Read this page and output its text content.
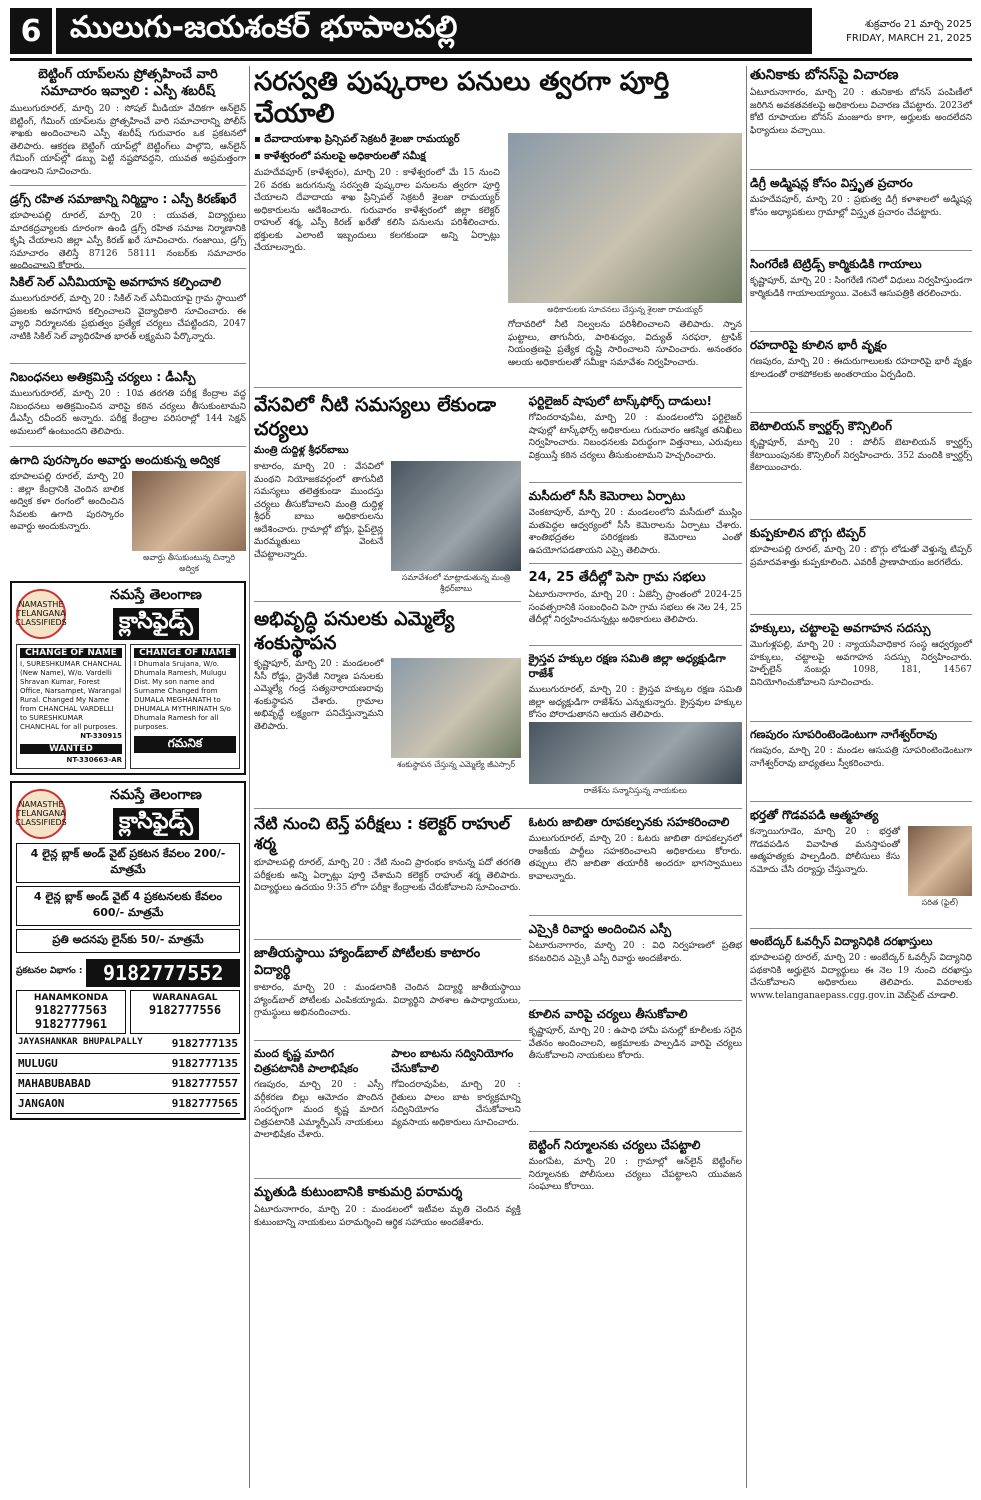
6 ములుగు-జయశంకర్ భూపాలపల్లి	శుక్రవారం 21 మార్చి 2025
FRIDAY, MARCH 21, 2025
బెట్టింగ్ యాప్‌లను ప్రోత్సహించే వారి సమాచారం ఇవ్వాలి : ఎస్పీ శబరీష్
ములుగురూరల్, మార్చి 20 : సోషల్ మీడియా వేదికగా ఆన్‌లైన్ బెట్టింగ్, గేమింగ్ యాప్‌లను ప్రోత్సహించే వారి సమాచారాన్ని పోలీస్ శాఖకు అందించాలని ఎస్పీ శబరీష్ గురువారం ఒక ప్రకటనలో తెలిపారు. ఆకర్షణ బెట్టింగ్ యాప్‌ల్లో బెట్టింగ్‌లు పాల్గొని, ఆన్‌లైన్ గేమింగ్ యాప్‌ల్లో డబ్బు పెట్టి నష్టపోవద్దని, యువత అప్రమత్తంగా ఉండాలని సూచించారు.
డ్రగ్స్ రహిత సమాజాన్ని నిర్మిద్దాం : ఎస్పీ కిరణ్‌ఖరే
భూపాలపల్లి రూరల్, మార్చి 20 : యువత, విద్యార్థులు మాదకద్రవ్యాలకు దూరంగా ఉండి డ్రగ్స్ రహిత సమాజ నిర్మాణానికి కృషి చేయాలని జిల్లా ఎస్పీ కిరణ్ ఖరే సూచించారు. గంజాయి, డ్రగ్స్ సమాచారం తెలిస్తే 87126 58111 నంబర్‌కు సమాచారం అందించాలని కోరారు.
సికిల్ సెల్ ఎనీమియాపై అవగాహన కల్పించాలి
ములుగురూరల్, మార్చి 20 : సికిల్ సెల్ ఎనీమియాపై గ్రామ స్థాయిలో ప్రజలకు అవగాహన కల్పించాలని వైద్యాధికారి సూచించారు. ఈ వ్యాధి నిర్మూలనకు ప్రభుత్వం ప్రత్యేక చర్యలు చేపట్టిందని, 2047 నాటికి సికిల్ సెల్ వ్యాధిరహిత భారత్ లక్ష్యమని పేర్కొన్నారు.
నిబంధనలు అతిక్రమిస్తే చర్యలు : డీఎస్పీ
ములుగురూరల్, మార్చి 20 : 10వ తరగతి పరీక్ష కేంద్రాల వద్ద నిబంధనలు అతిక్రమించిన వారిపై కఠిన చర్యలు తీసుకుంటామని డీఎస్పీ రవీందర్ అన్నారు. పరీక్ష కేంద్రాల పరిసరాల్లో 144 సెక్షన్ అమలులో ఉంటుందని తెలిపారు.
ఉగాది పురస్కారం అవార్డు అందుకున్న అద్విక
భూపాలపల్లి రూరల్, మార్చి 20 : జిల్లా కేంద్రానికి చెందిన బాలిక అద్విక కళా రంగంలో అందించిన సేవలకు ఉగాది పురస్కారం అవార్డు అందుకున్నారు.
అవార్డు తీసుకుంటున్న చిన్నారి అద్విక
NAMASTHE TELANGANA CLASSIFIEDS
నమస్తే తెలంగాణ
క్లాసిఫైడ్స్
CHANGE OF NAME
I, SURESHKUMAR CHANCHAL (New Name), W/o. Vardelli Shravan Kumar, Forest Office, Narsampet, Warangal Rural. Changed My Name from CHANCHAL VARDELLI to SURESHKUMAR CHANCHAL for all purposes.
NT-330915
WANTED
NT-330663-AR
CHANGE OF NAME
I Dhumala Srujana, W/o. Dhumala Ramesh, Mulugu Dist. My son name and Surname Changed from DUMALA MEGHANATH to DHUMALA MYTHRINATH S/o Dhumala Ramesh for all purposes.
గమనిక
NAMASTHE TELANGANA CLASSIFIEDS
నమస్తే తెలంగాణ
క్లాసిఫైడ్స్
4 లైన్ల బ్లాక్ అండ్ వైట్ ప్రకటన కేవలం 200/- మాత్రమే
4 లైన్ల బ్లాక్ అండ్ వైట్ 4 ప్రకటనలకు కేవలం 600/- మాత్రమే
ప్రతి అదనపు లైన్‌కు 50/- మాత్రమే
ప్రకటనల విభాగం :	9182777552
HANAMKONDA
9182777563
9182777961
WARANAGAL
9182777556
JAYASHANKAR BHUPALPALLY	9182777135
MULUGU	9182777135
MAHABUBABAD	9182777557
JANGAON	9182777565
సరస్వతి పుష్కరాల పనులు త్వరగా పూర్తి చేయాలి
▪ దేవాదాయశాఖ ప్రిన్సిపల్ సెక్రటరీ శైలజా రామయ్యర్
▪ కాళేశ్వరంలో పనులపై అధికారులతో సమీక్ష
మహదేవపూర్ (కాళేశ్వరం), మార్చి 20 : కాళేశ్వరంలో మే 15 నుంచి 26 వరకు జరుగనున్న సరస్వతి పుష్కరాల పనులను త్వరగా పూర్తి చేయాలని దేవాదాయ శాఖ ప్రిన్సిపల్ సెక్రటరీ శైలజా రామయ్యర్ అధికారులను ఆదేశించారు. గురువారం కాళేశ్వరంలో జిల్లా కలెక్టర్ రాహుల్ శర్మ, ఎస్పీ కిరణ్ ఖరేతో కలిసి పనులను పరిశీలించారు. భక్తులకు ఎలాంటి ఇబ్బందులు కలగకుండా అన్ని ఏర్పాట్లు చేయాలన్నారు.
అధికారులకు సూచనలు చేస్తున్న శైలజా రామయ్యర్
గోదావరిలో నీటి నిల్వలను పరిశీలించాలని తెలిపారు. స్నాన ఘట్టాలు, తాగునీరు, పారిశుధ్యం, విద్యుత్ సరఫరా, ట్రాఫిక్ నియంత్రణపై ప్రత్యేక దృష్టి సారించాలని సూచించారు. అనంతరం ఆలయ అధికారులతో సమీక్షా సమావేశం నిర్వహించారు.
వేసవిలో నీటి సమస్యలు లేకుండా చర్యలు
మంత్రి దుద్దిళ్ల శ్రీధర్‌బాబు
కాటారం, మార్చి 20 : వేసవిలో మంథని నియోజకవర్గంలో తాగునీటి సమస్యలు తలెత్తకుండా ముందస్తు చర్యలు తీసుకోవాలని మంత్రి దుద్దిళ్ల శ్రీధర్ బాబు అధికారులను ఆదేశించారు. గ్రామాల్లో బోర్లు, పైప్‌లైన్ల మరమ్మతులు వెంటనే చేపట్టాలన్నారు.
సమావేశంలో మాట్లాడుతున్న మంత్రి శ్రీధర్‌బాబు
అభివృద్ధి పనులకు ఎమ్మెల్యే శంకుస్థాపన
కృష్ణాపూర్, మార్చి 20 : మండలంలో సీసీ రోడ్లు, డ్రైనేజీ నిర్మాణ పనులకు ఎమ్మెల్యే గండ్ర సత్యనారాయణరావు శంకుస్థాపన చేశారు. గ్రామాల అభివృద్ధే లక్ష్యంగా పనిచేస్తున్నామని తెలిపారు.
శంకుస్థాపన చేస్తున్న ఎమ్మెల్యే జీఎస్సార్
ఫర్టిలైజర్ షాపులో టాస్క్‌ఫోర్స్ దాడులు!
గోవిందరావుపేట, మార్చి 20 : మండలంలోని ఫర్టిలైజర్ షాపుల్లో టాస్క్‌ఫోర్స్ అధికారులు గురువారం ఆకస్మిక తనిఖీలు నిర్వహించారు. నిబంధనలకు విరుద్ధంగా విత్తనాలు, ఎరువులు విక్రయిస్తే కఠిన చర్యలు తీసుకుంటామని హెచ్చరించారు.
మసీదులో సీసీ కెమెరాలు ఏర్పాటు
వెంకటాపూర్, మార్చి 20 : మండలంలోని మసీదులో ముస్లిం మతపెద్దల ఆధ్వర్యంలో సీసీ కెమెరాలను ఏర్పాటు చేశారు. శాంతిభద్రతల పరిరక్షణకు కెమెరాలు ఎంతో ఉపయోగపడతాయని ఎస్సై తెలిపారు.
24, 25 తేదీల్లో పెసా గ్రామ సభలు
ఏటూరునాగారం, మార్చి 20 : ఏజెన్సీ ప్రాంతంలో 2024-25 సంవత్సరానికి సంబంధించి పెసా గ్రామ సభలు ఈ నెల 24, 25 తేదీల్లో నిర్వహించనున్నట్లు అధికారులు తెలిపారు.
క్రైస్తవ హక్కుల రక్షణ సమితి జిల్లా అధ్యక్షుడిగా రాజేశ్
ములుగురూరల్, మార్చి 20 : క్రైస్తవ హక్కుల రక్షణ సమితి జిల్లా అధ్యక్షుడిగా రాజేశ్‌ను ఎన్నుకున్నారు. క్రైస్తవుల హక్కుల కోసం పోరాడుతానని ఆయన తెలిపారు.
రాజేశ్‌ను సన్మానిస్తున్న నాయకులు
నేటి నుంచి టెన్త్ పరీక్షలు : కలెక్టర్ రాహుల్ శర్మ
భూపాలపల్లి రూరల్, మార్చి 20 : నేటి నుంచి ప్రారంభం కానున్న పదో తరగతి పరీక్షలకు అన్ని ఏర్పాట్లు పూర్తి చేశామని కలెక్టర్ రాహుల్ శర్మ తెలిపారు. విద్యార్థులు ఉదయం 9:35 లోగా పరీక్షా కేంద్రాలకు చేరుకోవాలని సూచించారు.
జాతీయస్థాయి హ్యాండ్‌బాల్ పోటీలకు కాటారం విద్యార్థి
కాటారం, మార్చి 20 : మండలానికి చెందిన విద్యార్థి జాతీయస్థాయి హ్యాండ్‌బాల్ పోటీలకు ఎంపికయ్యాడు. విద్యార్థిని పాఠశాల ఉపాధ్యాయులు, గ్రామస్థులు అభినందించారు.
మంద కృష్ణ మాదిగ చిత్రపటానికి పాలాభిషేకం
గణపురం, మార్చి 20 : ఎస్సీ వర్గీకరణ బిల్లు ఆమోదం పొందిన సందర్భంగా మంద కృష్ణ మాదిగ చిత్రపటానికి ఎమ్మార్పీఎస్ నాయకులు పాలాభిషేకం చేశారు.
పాలం బాటను సద్వినియోగం చేసుకోవాలి
గోవిందరావుపేట, మార్చి 20 : రైతులు పాలం బాట కార్యక్రమాన్ని సద్వినియోగం చేసుకోవాలని వ్యవసాయ అధికారులు సూచించారు.
మృతుడి కుటుంబానికి కాకుమర్రి పరామర్శ
ఏటూరునాగారం, మార్చి 20 : మండలంలో ఇటీవల మృతి చెందిన వ్యక్తి కుటుంబాన్ని నాయకులు పరామర్శించి ఆర్థిక సహాయం అందజేశారు.
ఓటరు జాబితా రూపకల్పనకు సహకరించాలి
ములుగురూరల్, మార్చి 20 : ఓటరు జాబితా రూపకల్పనలో రాజకీయ పార్టీలు సహకరించాలని అధికారులు కోరారు. తప్పులు లేని జాబితా తయారీకి అందరూ భాగస్వాములు కావాలన్నారు.
ఎస్సైకి రివార్డు అందించిన ఎస్పీ
ఏటూరునాగారం, మార్చి 20 : విధి నిర్వహణలో ప్రతిభ కనబరిచిన ఎస్సైకి ఎస్పీ రివార్డు అందజేశారు.
కూలిన వారిపై చర్యలు తీసుకోవాలి
కృష్ణాపూర్, మార్చి 20 : ఉపాధి హామీ పనుల్లో కూలీలకు సరైన వేతనం అందించాలని, అక్రమాలకు పాల్పడిన వారిపై చర్యలు తీసుకోవాలని నాయకులు కోరారు.
బెట్టింగ్ నిర్మూలనకు చర్యలు చేపట్టాలి
మంగపేట, మార్చి 20 : గ్రామాల్లో ఆన్‌లైన్ బెట్టింగ్‌ల నిర్మూలనకు పోలీసులు చర్యలు చేపట్టాలని యువజన సంఘాలు కోరాయి.
తునికాకు బోనస్‌పై విచారణ
ఏటూరునాగారం, మార్చి 20 : తునికాకు బోనస్ పంపిణీలో జరిగిన అవకతవకలపై అధికారులు విచారణ చేపట్టారు. 2023లో కోటి రూపాయల బోనస్ మంజూరు కాగా, అర్హులకు అందలేదని ఫిర్యాదులు వచ్చాయి.
డిగ్రీ అడ్మిషన్ల కోసం విస్తృత ప్రచారం
మహదేవపూర్, మార్చి 20 : ప్రభుత్వ డిగ్రీ కళాశాలలో అడ్మిషన్ల కోసం అధ్యాపకులు గ్రామాల్లో విస్తృత ప్రచారం చేపట్టారు.
సింగరేణి టెట్రిడ్స్ కార్మికుడికి గాయాలు
కృష్ణాపూర్, మార్చి 20 : సింగరేణి గనిలో విధులు నిర్వహిస్తుండగా కార్మికుడికి గాయాలయ్యాయి. వెంటనే ఆసుపత్రికి తరలించారు.
రహదారిపై కూలిన భారీ వృక్షం
గణపురం, మార్చి 20 : ఈదురుగాలులకు రహదారిపై భారీ వృక్షం కూలడంతో రాకపోకలకు అంతరాయం ఏర్పడింది.
బెటాలియన్ క్వార్టర్స్ కౌన్సిలింగ్
కృష్ణాపూర్, మార్చి 20 : పోలీస్ బెటాలియన్ క్వార్టర్స్ కేటాయింపునకు కౌన్సిలింగ్ నిర్వహించారు. 352 మందికి క్వార్టర్స్ కేటాయించారు.
కుప్పకూలిన బొగ్గు టిప్పర్
భూపాలపల్లి రూరల్, మార్చి 20 : బొగ్గు లోడుతో వెళ్తున్న టిప్పర్ ప్రమాదవశాత్తు కుప్పకూలింది. ఎవరికీ ప్రాణాపాయం జరగలేదు.
హక్కులు, చట్టాలపై అవగాహన సదస్సు
మొగుళ్లపల్లి, మార్చి 20 : న్యాయసేవాధికార సంస్థ ఆధ్వర్యంలో హక్కులు, చట్టాలపై అవగాహన సదస్సు నిర్వహించారు. హెల్ప్‌లైన్ నంబర్లు 1098, 181, 14567 వినియోగించుకోవాలని సూచించారు.
గణపురం సూపరింటెండెంటుగా నాగేశ్వర్‌రావు
గణపురం, మార్చి 20 : మండల ఆసుపత్రి సూపరింటెండెంటుగా నాగేశ్వర్‌రావు బాధ్యతలు స్వీకరించారు.
భర్తతో గొడవపడి ఆత్మహత్య
కన్నాయిగూడెం, మార్చి 20 : భర్తతో గొడవపడిన వివాహిత మనస్తాపంతో ఆత్మహత్యకు పాల్పడింది. పోలీసులు కేసు నమోదు చేసి దర్యాప్తు చేస్తున్నారు.
సరిత (ఫైల్)
అంబేద్కర్ ఓవర్సీస్ విద్యానిధికి దరఖాస్తులు
భూపాలపల్లి రూరల్, మార్చి 20 : అంబేద్కర్ ఓవర్సీస్ విద్యానిధి పథకానికి అర్హులైన విద్యార్థులు ఈ నెల 19 నుంచి దరఖాస్తు చేసుకోవాలని అధికారులు తెలిపారు. వివరాలకు www.telanganaepass.cgg.gov.in వెబ్‌సైట్ చూడాలి.
